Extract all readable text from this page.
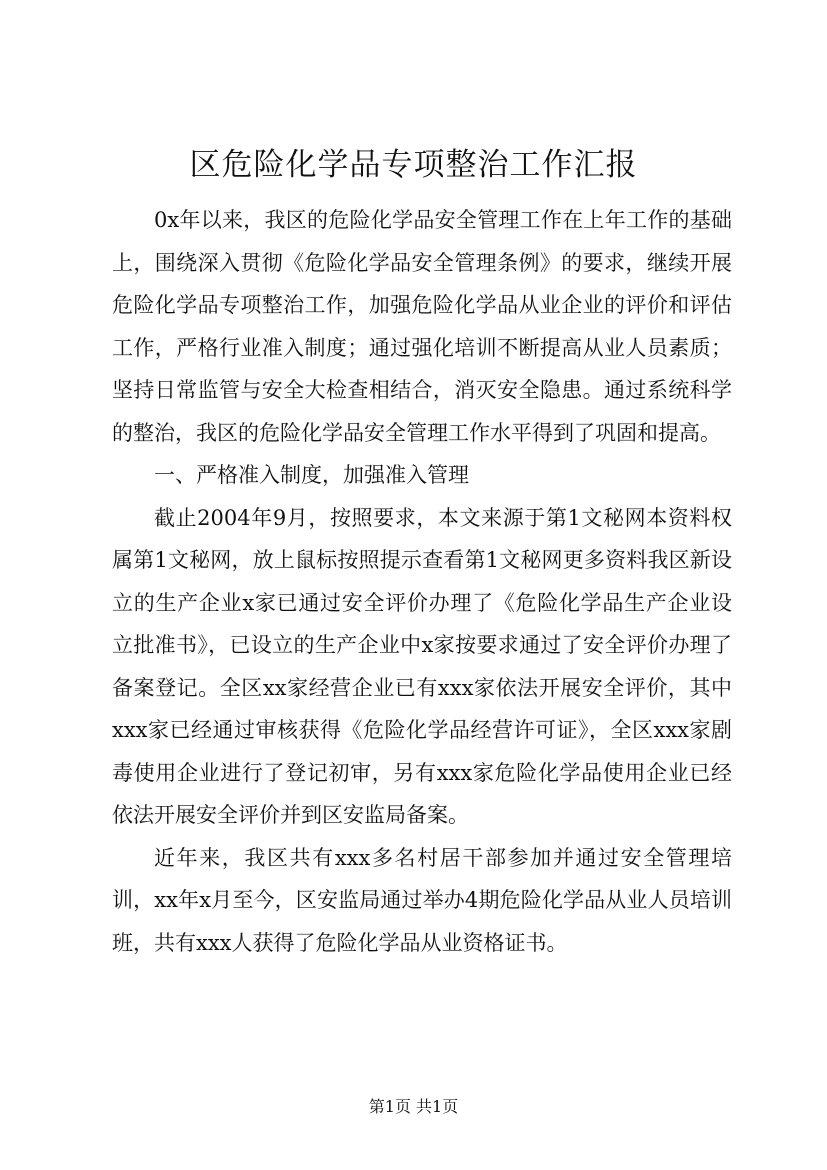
区危险化学品专项整治工作汇报

0x年以来，我区的危险化学品安全管理工作在上年工作的基础上，围绕深入贯彻《危险化学品安全管理条例》的要求，继续开展危险化学品专项整治工作，加强危险化学品从业企业的评价和评估工作，严格行业准入制度；通过强化培训不断提高从业人员素质；坚持日常监管与安全大检查相结合，消灭安全隐患。通过系统科学的整治，我区的危险化学品安全管理工作水平得到了巩固和提高。

一、严格准入制度，加强准入管理

截止2004年9月，按照要求，本文来源于第1文秘网本资料权属第1文秘网，放上鼠标按照提示查看第1文秘网更多资料我区新设立的生产企业x家已通过安全评价办理了《危险化学品生产企业设立批准书》，已设立的生产企业中x家按要求通过了安全评价办理了备案登记。全区xx家经营企业已有xxx家依法开展安全评价，其中xxx家已经通过审核获得《危险化学品经营许可证》，全区xxx家剧毒使用企业进行了登记初审，另有xxx家危险化学品使用企业已经依法开展安全评价并到区安监局备案。

近年来，我区共有xxx多名村居干部参加并通过安全管理培训，xx年x月至今，区安监局通过举办4期危险化学品从业人员培训班，共有xxx人获得了危险化学品从业资格证书。

第1页 共1页
